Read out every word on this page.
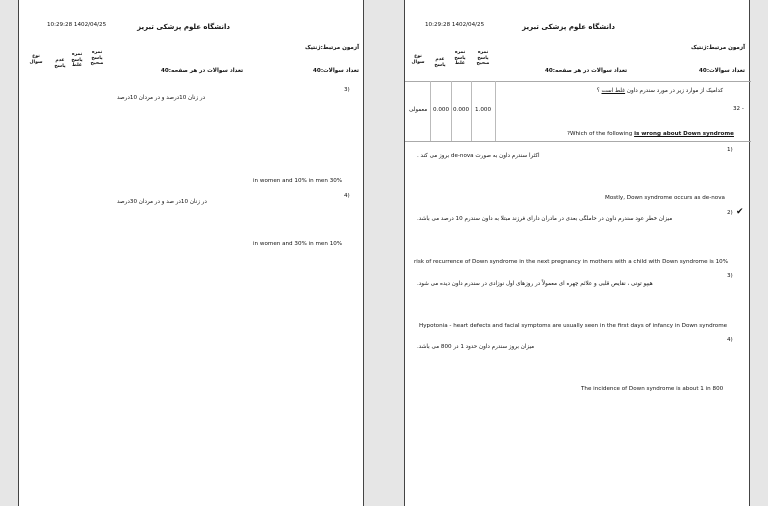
10:29:28 1402/04/25	دانشگاه علوم پزشکی تبریز
نوع
سوال	عدم
پاسخ
نمره
پاسخ
غلط
نمره
پاسخ
صحیح
آزمون مرتبط:ژنتیک
تعداد سوالات:40
تعداد سوالات در هر صفحه:40
3)
در زنان 10درصد و در مردان 10درصد
in women and 10% in men 30%
4)
در زنان 10در صد و در مردان 30درصد
in women and 30% in men 10%
10:29:28 1402/04/25	دانشگاه علوم پزشکی تبریز
نوع
سوال
عدم
پاسخ
نمره
پاسخ
غلط
نمره
پاسخ
صحیح
آزمون مرتبط:ژنتیک
تعداد سوالات:40
تعداد سوالات در هر صفحه:40
32 -
کدامیک از موارد زیر در مورد سندرم داون غلط است ؟
معمولی 0.000 0.000 1.000
?Which of the following is wrong about Down syndrome
1)
اکثرا سندرم داون به صورت de-nova بروز می کند .
Mostly, Down syndrome occurs as de-nova
2) ✔
میزان خطر عود سندرم داون در حاملگی بعدی در مادران دارای فرزند مبتلا به داون سندرم 10 درصد می باشد.
risk of recurrence of Down syndrome in the next pregnancy in mothers with a child with Down syndrome is 10%
3)
هیپو تونی ، نقایص قلبی و علائم چهره ای معمولاً در روزهای اول نوزادی در سندرم داون دیده می شود.
Hypotonia - heart defects and facial symptoms are usually seen in the first days of infancy in Down syndrome
4)
میزان بروز سندرم داون حدود 1 در 800 می باشد.
The incidence of Down syndrome is about 1 in 800
